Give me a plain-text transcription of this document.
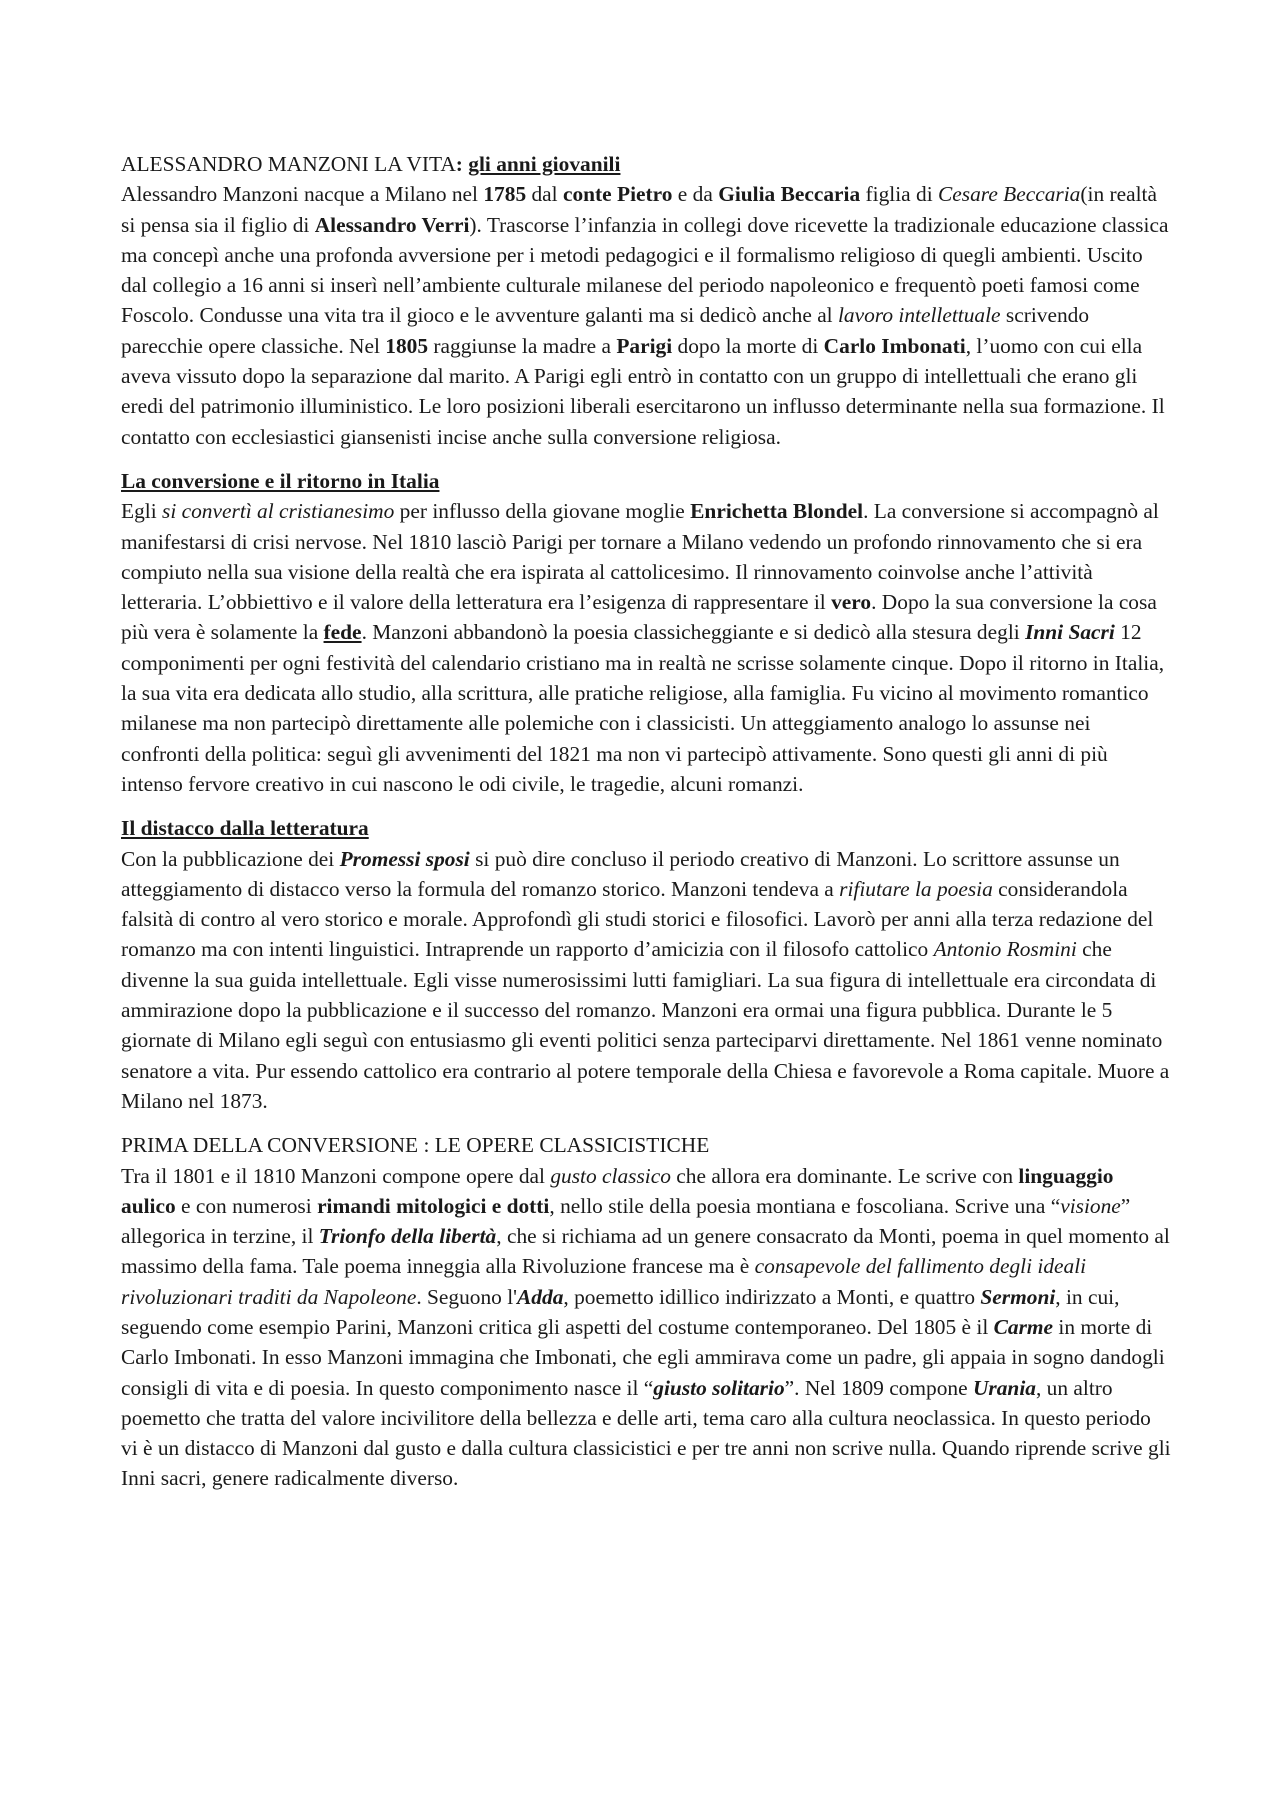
ALESSANDRO MANZONI LA VITA: gli anni giovanili

Alessandro Manzoni nacque a Milano nel 1785 dal conte Pietro e da Giulia Beccaria figlia di Cesare Beccaria(in realtà si pensa sia il figlio di Alessandro Verri). Trascorse l’infanzia in collegi dove ricevette la tradizionale educazione classica ma concepì anche una profonda avversione per i metodi pedagogici e il formalismo religioso di quegli ambienti. Uscito dal collegio a 16 anni si inserì nell’ambiente culturale milanese del periodo napoleonico e frequentò poeti famosi come Foscolo. Condusse una vita tra il gioco e le avventure galanti ma si dedicò anche al lavoro intellettuale scrivendo parecchie opere classiche. Nel 1805 raggiunse la madre a Parigi dopo la morte di Carlo Imbonati, l’uomo con cui ella aveva vissuto dopo la separazione dal marito. A Parigi egli entrò in contatto con un gruppo di intellettuali che erano gli eredi del patrimonio illuministico. Le loro posizioni liberali esercitarono un influsso determinante nella sua formazione. Il contatto con ecclesiastici giansenisti incise anche sulla conversione religiosa.

La conversione e il ritorno in Italia

Egli si convertì al cristianesimo per influsso della giovane moglie Enrichetta Blondel. La conversione si accompagnò al manifestarsi di crisi nervose. Nel 1810 lasciò Parigi per tornare a Milano vedendo un profondo rinnovamento che si era compiuto nella sua visione della realtà che era ispirata al cattolicesimo. Il rinnovamento coinvolse anche l’attività letteraria. L’obbiettivo e il valore della letteratura era l’esigenza di rappresentare il vero. Dopo la sua conversione la cosa più vera è solamente la fede. Manzoni abbandonò la poesia classicheggiante e si dedicò alla stesura degli Inni Sacri 12 componimenti per ogni festività del calendario cristiano ma in realtà ne scrisse solamente cinque. Dopo il ritorno in Italia, la sua vita era dedicata allo studio, alla scrittura, alle pratiche religiose, alla famiglia. Fu vicino al movimento romantico milanese ma non partecipò direttamente alle polemiche con i classicisti. Un atteggiamento analogo lo assunse nei confronti della politica: seguì gli avvenimenti del 1821 ma non vi partecipò attivamente. Sono questi gli anni di più intenso fervore creativo in cui nascono le odi civile, le tragedie, alcuni romanzi.

Il distacco dalla letteratura

Con la pubblicazione dei Promessi sposi si può dire concluso il periodo creativo di Manzoni. Lo scrittore assunse un atteggiamento di distacco verso la formula del romanzo storico. Manzoni tendeva a rifiutare la poesia considerandola falsità di contro al vero storico e morale. Approfondì gli studi storici e filosofici. Lavorò per anni alla terza redazione del romanzo ma con intenti linguistici. Intraprende un rapporto d’amicizia con il filosofo cattolico Antonio Rosmini che divenne la sua guida intellettuale. Egli visse numerosissimi lutti famigliari. La sua figura di intellettuale era circondata di ammirazione dopo la pubblicazione e il successo del romanzo. Manzoni era ormai una figura pubblica. Durante le 5 giornate di Milano egli seguì con entusiasmo gli eventi politici senza parteciparvi direttamente. Nel 1861 venne nominato senatore a vita. Pur essendo cattolico era contrario al potere temporale della Chiesa e favorevole a Roma capitale. Muore a Milano nel 1873.

PRIMA DELLA CONVERSIONE : LE OPERE CLASSICISTICHE

Tra il 1801 e il 1810 Manzoni compone opere dal gusto classico che allora era dominante. Le scrive con linguaggio aulico e con numerosi rimandi mitologici e dotti, nello stile della poesia montiana e foscoliana. Scrive una “visione” allegorica in terzine, il Trionfo della libertà, che si richiama ad un genere consacrato da Monti, poema in quel momento al massimo della fama. Tale poema inneggia alla Rivoluzione francese ma è consapevole del fallimento degli ideali rivoluzionari traditi da Napoleone. Seguono l'Adda, poemetto idillico indirizzato a Monti, e quattro Sermoni, in cui, seguendo come esempio Parini, Manzoni critica gli aspetti del costume contemporaneo. Del 1805 è il Carme in morte di Carlo Imbonati. In esso Manzoni immagina che Imbonati, che egli ammirava come un padre, gli appaia in sogno dandogli consigli di vita e di poesia. In questo componimento nasce il “giusto solitario”. Nel 1809 compone Urania, un altro poemetto che tratta del valore incivilitore della bellezza e delle arti, tema caro alla cultura neoclassica. In questo periodo vi è un distacco di Manzoni dal gusto e dalla cultura classicistici e per tre anni non scrive nulla. Quando riprende scrive gli Inni sacri, genere radicalmente diverso.
